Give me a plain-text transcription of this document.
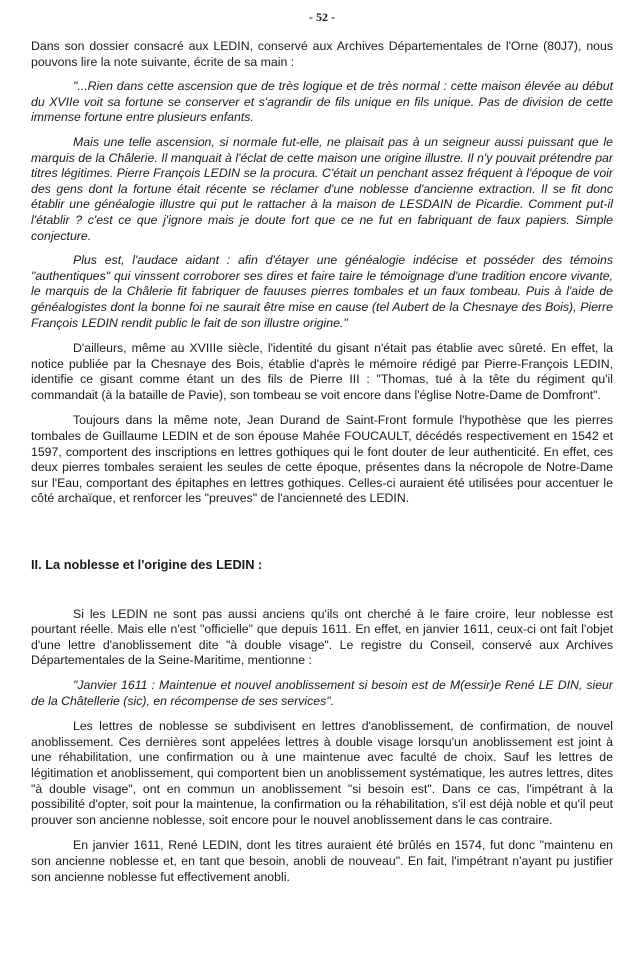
- 52 -

Dans son dossier consacré aux LEDIN, conservé aux Archives Départementales de l'Orne (80J7), nous pouvons lire la note suivante, écrite de sa main :

"...Rien dans cette ascension que de très logique et de très normal : cette maison élevée au début du XVIIe voit sa fortune se conserver et s'agrandir de fils unique en fils unique. Pas de division de cette immense fortune entre plusieurs enfants.

Mais une telle ascension, si normale fut-elle, ne plaisait pas à un seigneur aussi puissant que le marquis de la Châlerie. Il manquait à l'éclat de cette maison une origine illustre. Il n'y pouvait prétendre par titres légitimes. Pierre François LEDIN se la procura. C'était un penchant assez fréquent à l'époque de voir des gens dont la fortune était récente se réclamer d'une noblesse d'ancienne extraction. Il se fit donc établir une généalogie illustre qui put le rattacher à la maison de LESDAIN de Picardie. Comment put-il l'établir ? c'est ce que j'ignore mais je doute fort que ce ne fut en fabriquant de faux papiers. Simple conjecture.

Plus est, l'audace aidant : afin d'étayer une généalogie indécise et posséder des témoins "authentiques" qui vinssent corroborer ses dires et faire taire le témoignage d'une tradition encore vivante, le marquis de la Châlerie fit fabriquer de fauuses pierres tombales et un faux tombeau. Puis à l'aide de généalogistes dont la bonne foi ne saurait être mise en cause (tel Aubert de la Chesnaye des Bois), Pierre François LEDIN rendit public le fait de son illustre origine."

D'ailleurs, même au XVIIIe siècle, l'identité du gisant n'était pas établie avec sûreté. En effet, la notice publiée par la Chesnaye des Bois, établie d'après le mémoire rédigé par Pierre-François LEDIN, identifie ce gisant comme étant un des fils de Pierre III : "Thomas, tué à la tête du régiment qu'il commandait (à la bataille de Pavie), son tombeau se voit encore dans l'église Notre-Dame de Domfront".

Toujours dans la même note, Jean Durand de Saint-Front formule l'hypothèse que les pierres tombales de Guillaume LEDIN et de son épouse Mahée FOUCAULT, décédés respectivement en 1542 et 1597, comportent des inscriptions en lettres gothiques qui le font douter de leur authenticité. En effet, ces deux pierres tombales seraient les seules de cette époque, présentes dans la nécropole de Notre-Dame sur l'Eau, comportant des épitaphes en lettres gothiques. Celles-ci auraient été utilisées pour accentuer le côté archaïque, et renforcer les "preuves" de l'ancienneté des LEDIN.

II. La noblesse et l'origine des LEDIN :

Si les LEDIN ne sont pas aussi anciens qu'ils ont cherché à le faire croire, leur noblesse est pourtant réelle. Mais elle n'est "officielle" que depuis 1611. En effet, en janvier 1611, ceux-ci ont fait l'objet d'une lettre d'anoblissement dite "à double visage". Le registre du Conseil, conservé aux Archives Départementales de la Seine-Maritime, mentionne :

"Janvier 1611 : Maintenue et nouvel anoblissement si besoin est de M(essir)e René LE DIN, sieur de la Châtellerie (sic), en récompense de ses services".

Les lettres de noblesse se subdivisent en lettres d'anoblissement, de confirmation, de nouvel anoblissement. Ces dernières sont appelées lettres à double visage lorsqu'un anoblissement est joint à une réhabilitation, une confirmation ou à une maintenue avec faculté de choix. Sauf les lettres de légitimation et anoblissement, qui comportent bien un anoblissement systématique, les autres lettres, dites "à double visage", ont en commun un anoblissement "si besoin est". Dans ce cas, l'impétrant à la possibilité d'opter, soit pour la maintenue, la confirmation ou la réhabilitation, s'il est déjà noble et qu'il peut prouver son ancienne noblesse, soit encore pour le nouvel anoblissement dans le cas contraire.

En janvier 1611, René LEDIN, dont les titres auraient été brûlés en 1574, fut donc "maintenu en son ancienne noblesse et, en tant que besoin, anobli de nouveau". En fait, l'impétrant n'ayant pu justifier son ancienne noblesse fut effectivement anobli.
